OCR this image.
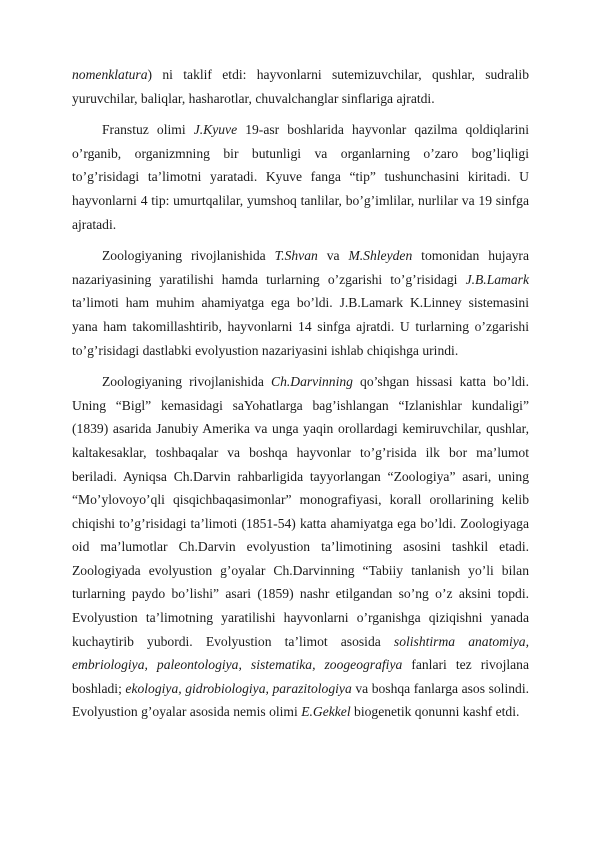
nomenklatura) ni taklif etdi: hayvonlarni sutemizuvchilar, qushlar, sudralib yuruvchilar, baliqlar, hasharotlar, chuvalchanglar sinflariga ajratdi.

Franstuz olimi J.Kyuve 19-asr boshlarida hayvonlar qazilma qoldiqlarini o’rganib, organizmning bir butunligi va organlarning o’zaro bog’liqligi to’g’risidagi ta’limotni yaratadi. Kyuve fanga “tip” tushunchasini kiritadi. U hayvonlarni 4 tip: umurtqalilar, yumshoq tanlilar, bo’g’imlilar, nurlilar va 19 sinfga ajratadi.

Zoologiyaning rivojlanishida T.Shvan va M.Shleyden tomonidan hujayra nazariyasining yaratilishi hamda turlarning o’zgarishi to’g’risidagi J.B.Lamark ta’limoti ham muhim ahamiyatga ega bo’ldi. J.B.Lamark K.Linney sistemasini yana ham takomillashtirib, hayvonlarni 14 sinfga ajratdi. U turlarning o’zgarishi to’g’risidagi dastlabki evolyustion nazariyasini ishlab chiqishga urindi.

Zoologiyaning rivojlanishida Ch.Darvinning qo’shgan hissasi katta bo’ldi. Uning “Bigl” kemasidagi saYohatlarga bag’ishlangan “Izlanishlar kundaligi” (1839) asarida Janubiy Amerika va unga yaqin orollardagi kemiruvchilar, qushlar, kaltakesaklar, toshbaqalar va boshqa hayvonlar to’g’risida ilk bor ma’lumot beriladi. Ayniqsa Ch.Darvin rahbarligida tayyorlangan “Zoologiya” asari, uning “Mo’ylovoyo’qli qisqichbaqasimonlar” monografiyasi, korall orollarining kelib chiqishi to’g’risidagi ta’limoti (1851-54) katta ahamiyatga ega bo’ldi. Zoologiyaga oid ma’lumotlar Ch.Darvin evolyustion ta’limotining asosini tashkil etadi. Zoologiyada evolyustion g’oyalar Ch.Darvinning “Tabiiy tanlanish yo’li bilan turlarning paydo bo’lishi” asari (1859) nashr etilgandan so’ng o’z aksini topdi. Evolyustion ta’limotning yaratilishi hayvonlarni o’rganishga qiziqishni yanada kuchaytirib yubordi. Evolyustion ta’limot asosida solishtirma anatomiya, embriologiya, paleontologiya, sistematika, zoogeografiya fanlari tez rivojlana boshladi; ekologiya, gidrobiologiya, parazitologiya va boshqa fanlarga asos solindi. Evolyustion g’oyalar asosida nemis olimi E.Gekkel biogenetik qonunni kashf etdi.
